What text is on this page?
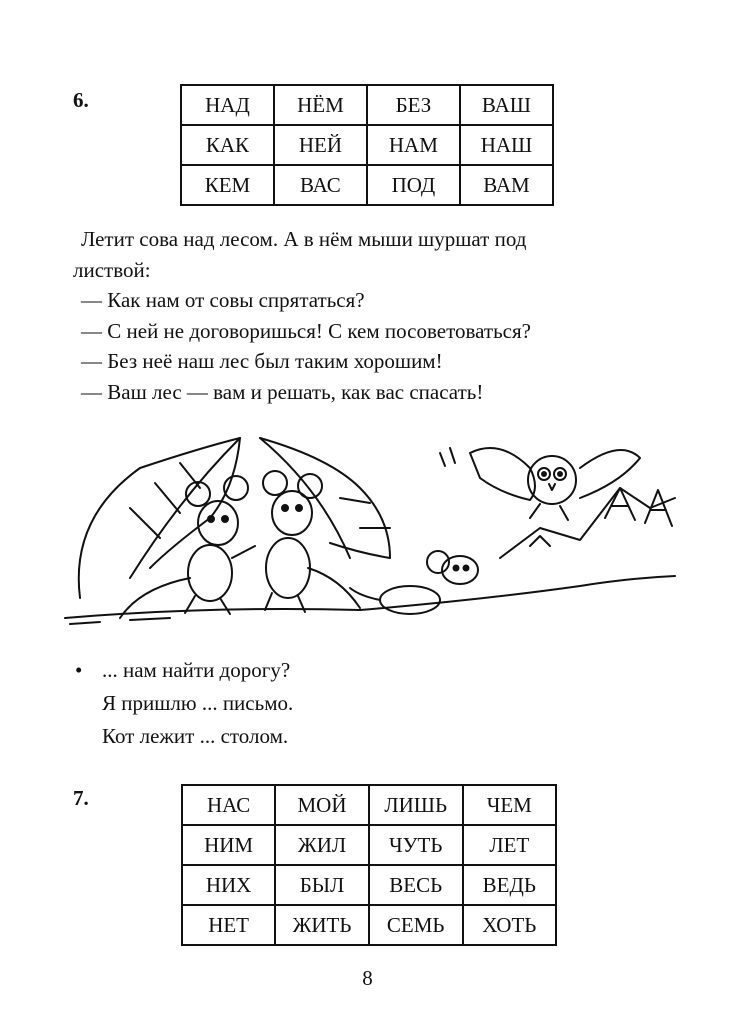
6.	НАД	НЁМ	БЕЗ	ВАШ
КАК	НЕЙ	НАМ	НАШ
КЕМ	ВАС	ПОД	ВАМ

Летит сова над лесом. А в нём мыши шуршат под

листвой:

— Как нам от совы спрятаться?

— С ней не договоришься! С кем посоветоваться?

— Без неё наш лес был таким хорошим!

— Ваш лес — вам и решать, как вас спасать!

• ... нам найти дорогу?

Я пришлю ... письмо.

Кот лежит ... столом.

7.	НАС	МОЙ	ЛИШЬ	ЧЕМ
НИМ	ЖИЛ	ЧУТЬ	ЛЕТ
НИХ	БЫЛ	ВЕСЬ	ВЕДЬ
НЕТ	ЖИТЬ	СЕМЬ	ХОТЬ
8
